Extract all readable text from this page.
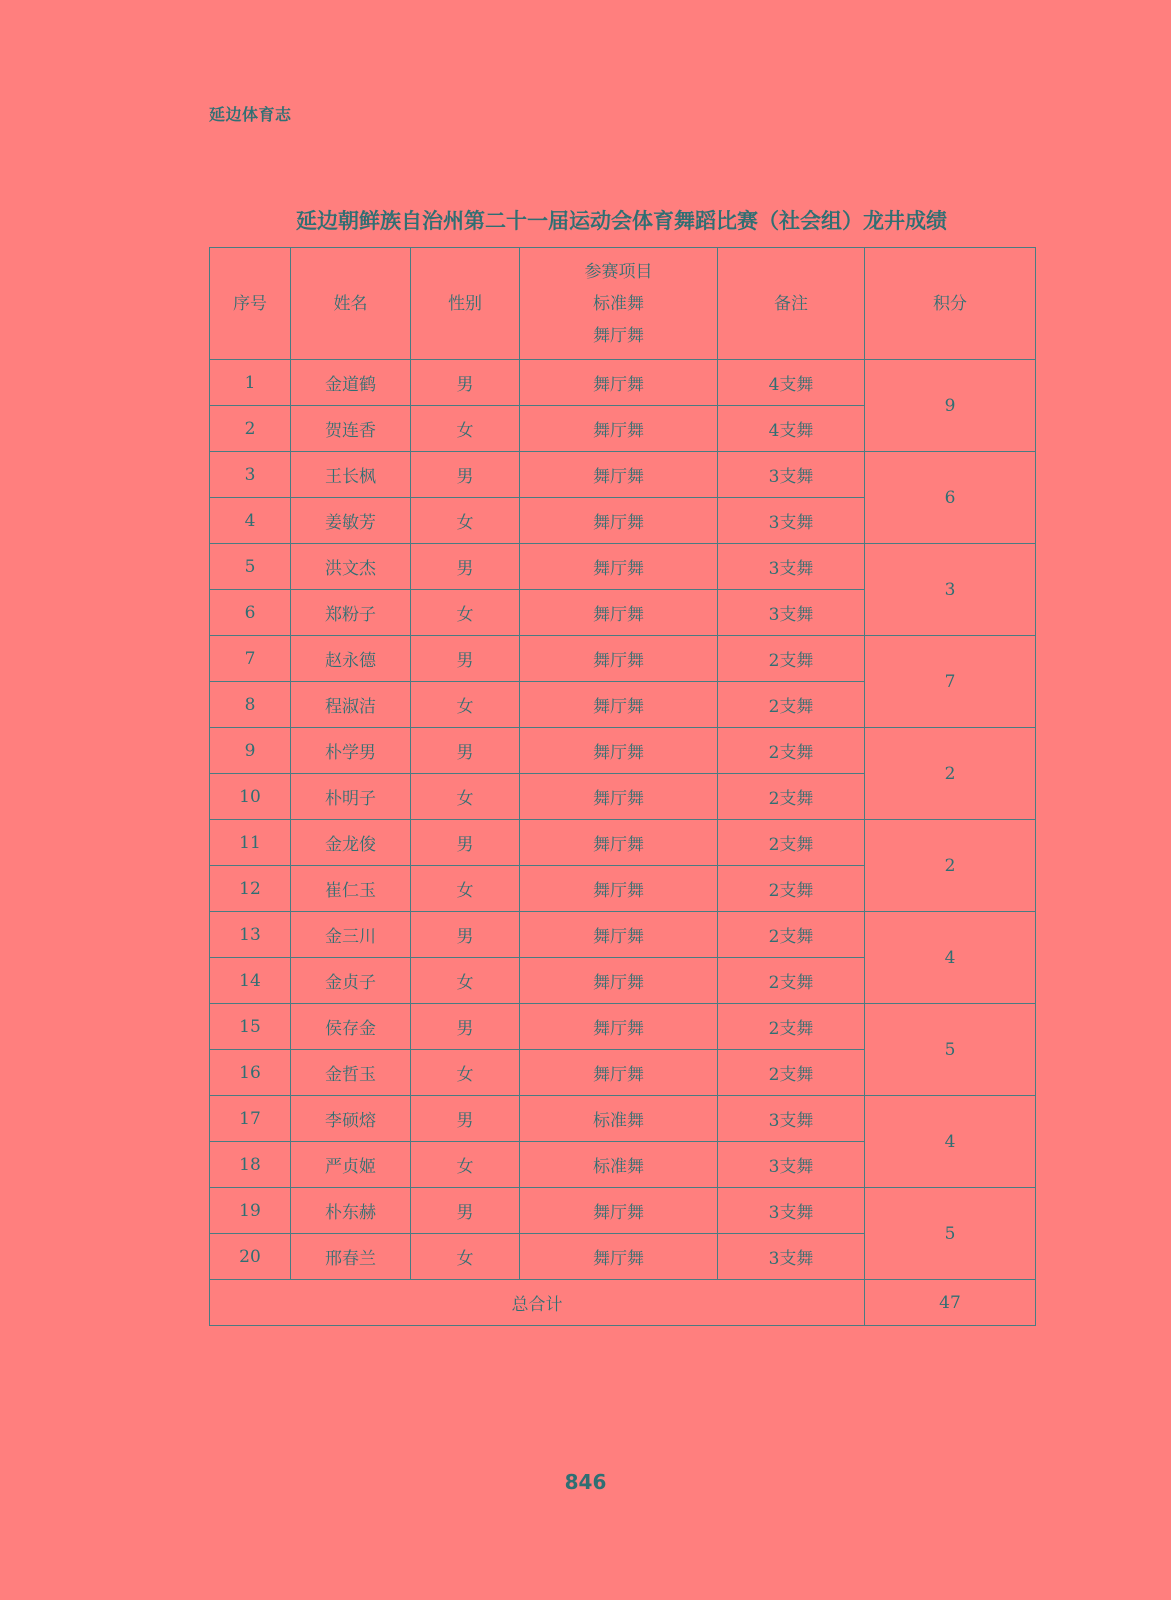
延边体育志
延边朝鲜族自治州第二十一届运动会体育舞蹈比赛（社会组）龙井成绩
序号	姓名	性别	参赛项目
标准舞
舞厅舞	备注	积分
1	金道鹤	男	舞厅舞	4支舞	9
2	贺连香	女	舞厅舞	4支舞	
3	王长枫	男	舞厅舞	3支舞	6
4	姜敏芳	女	舞厅舞	3支舞	
5	洪文杰	男	舞厅舞	3支舞	3
6	郑粉子	女	舞厅舞	3支舞	
7	赵永德	男	舞厅舞	2支舞	7
8	程淑洁	女	舞厅舞	2支舞	
9	朴学男	男	舞厅舞	2支舞	2
10	朴明子	女	舞厅舞	2支舞	
11	金龙俊	男	舞厅舞	2支舞	2
12	崔仁玉	女	舞厅舞	2支舞	
13	金三川	男	舞厅舞	2支舞	4
14	金贞子	女	舞厅舞	2支舞	
15	侯存金	男	舞厅舞	2支舞	5
16	金哲玉	女	舞厅舞	2支舞	
17	李硕熔	男	标准舞	3支舞	4
18	严贞姬	女	标准舞	3支舞	
19	朴东赫	男	舞厅舞	3支舞	5
20	邢春兰	女	舞厅舞	3支舞	
总合计					47
846
